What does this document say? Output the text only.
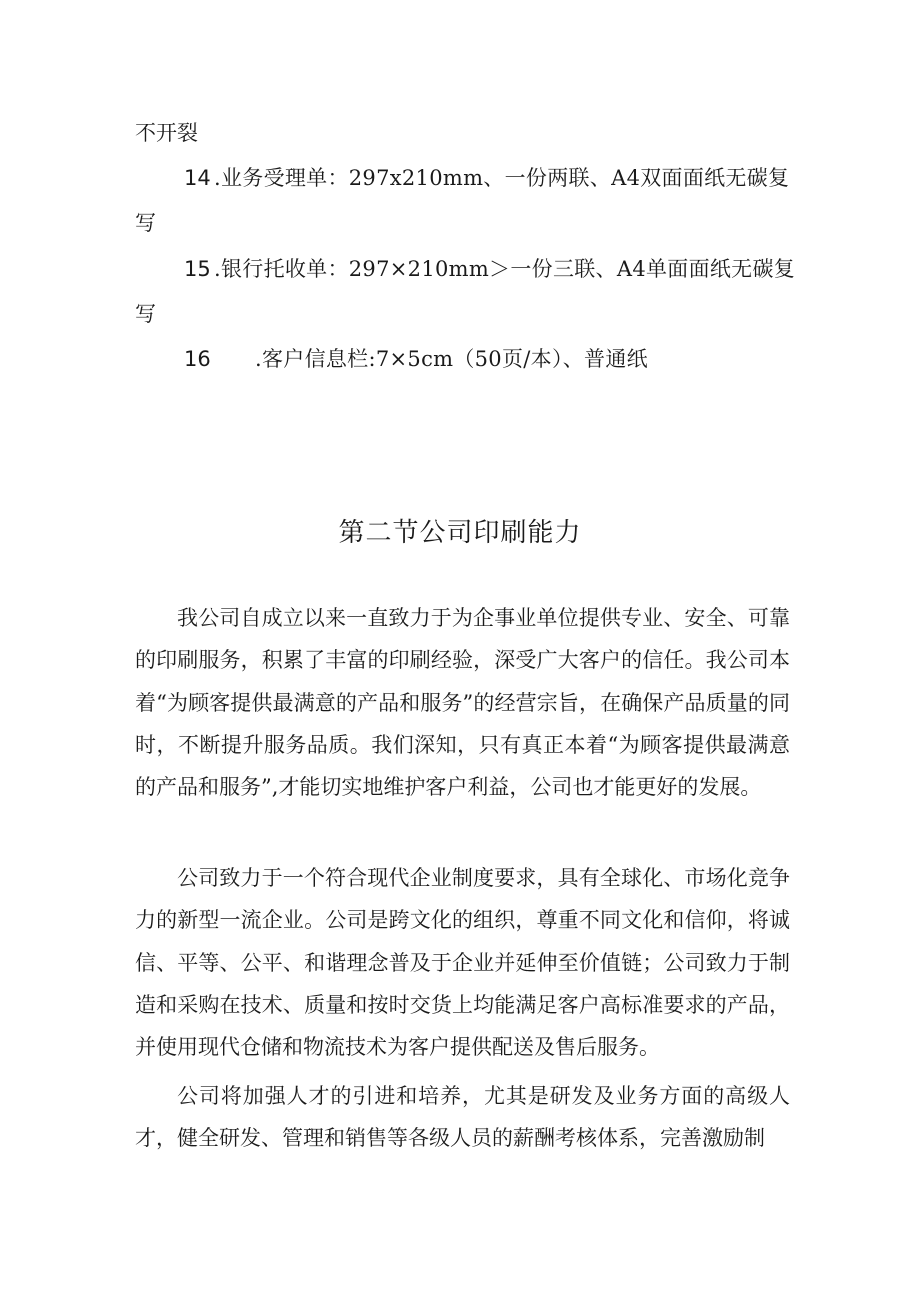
不开裂
14 .业务受理单：297x210mm、一份两联、A4双面面纸无碳复
写
15 .银行托收单：297×210mm＞一份三联、A4单面面纸无碳复
写
16 .客户信息栏:7×5cm（50页/本）、普通纸
第二节公司印刷能力

我公司自成立以来一直致力于为企事业单位提供专业、安全、可靠的印刷服务，积累了丰富的印刷经验，深受广大客户的信任。我公司本着“为顾客提供最满意的产品和服务”的经营宗旨，在确保产品质量的同时，不断提升服务品质。我们深知，只有真正本着“为顾客提供最满意的产品和服务”,才能切实地维护客户利益，公司也才能更好的发展。

公司致力于一个符合现代企业制度要求，具有全球化、市场化竞争力的新型一流企业。公司是跨文化的组织，尊重不同文化和信仰，将诚信、平等、公平、和谐理念普及于企业并延伸至价值链；公司致力于制造和采购在技术、质量和按时交货上均能满足客户高标准要求的产品，并使用现代仓储和物流技术为客户提供配送及售后服务。

公司将加强人才的引进和培养，尤其是研发及业务方面的高级人才，健全研发、管理和销售等各级人员的薪酬考核体系，完善激励制
